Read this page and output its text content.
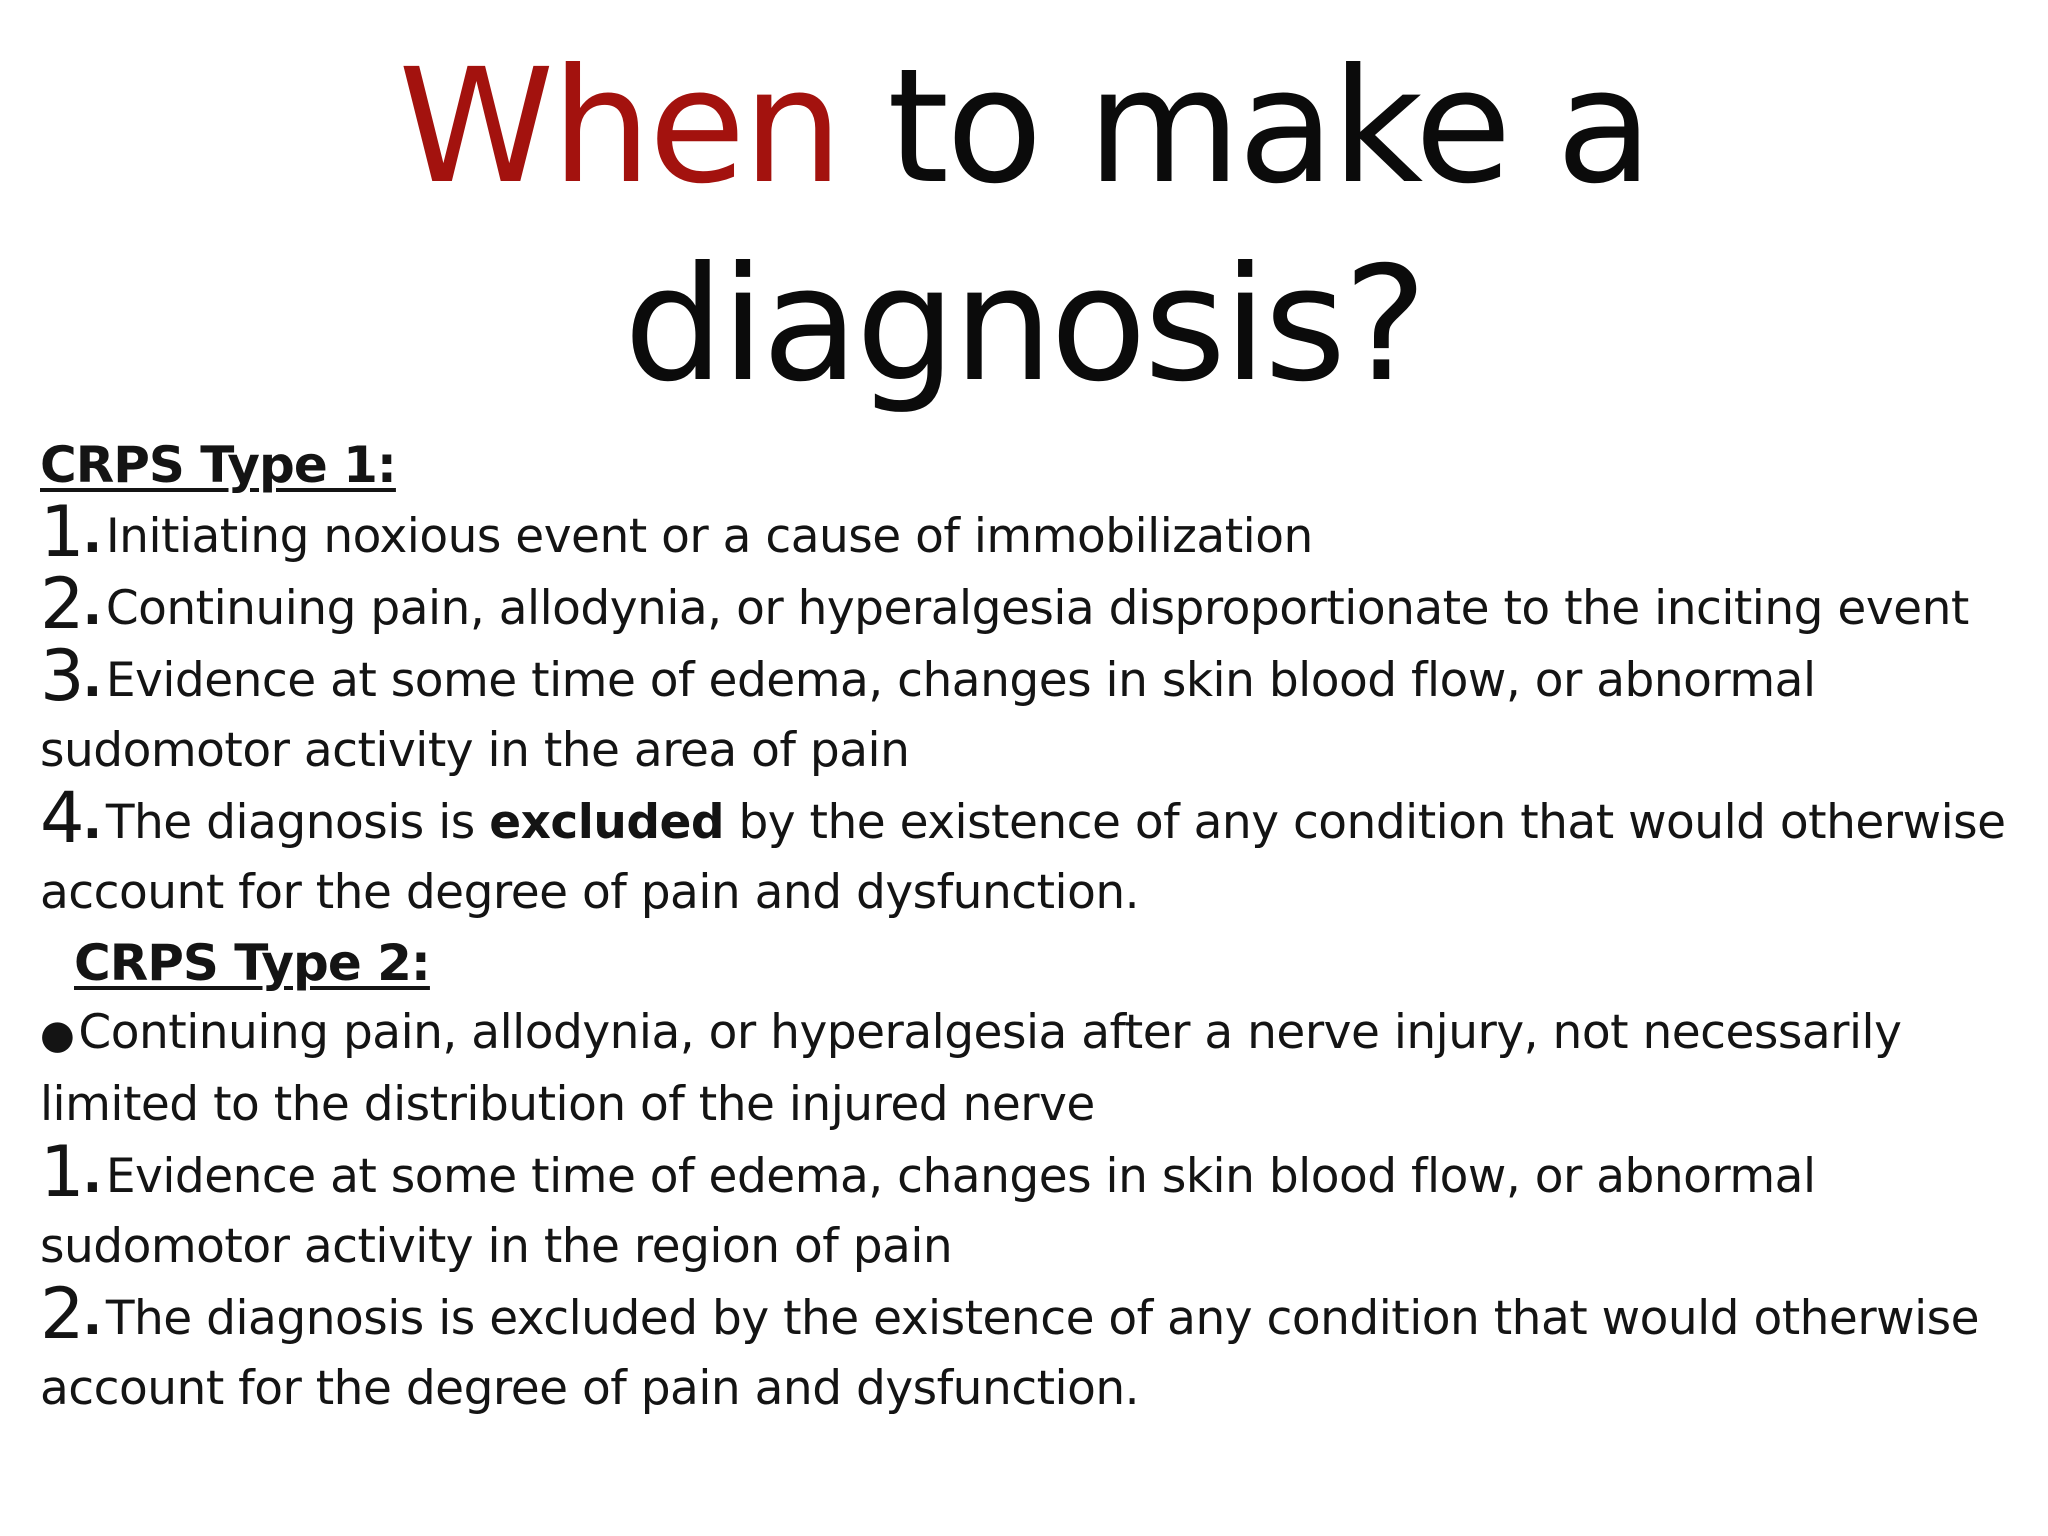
When to make a diagnosis?
CRPS Type 1:
1.Initiating noxious event or a cause of immobilization
2.Continuing pain, allodynia, or hyperalgesia disproportionate to the inciting event
3.Evidence at some time of edema, changes in skin blood flow, or abnormal sudomotor activity in the area of pain
4.The diagnosis is excluded by the existence of any condition that would otherwise account for the degree of pain and dysfunction.
CRPS Type 2:
●Continuing pain, allodynia, or hyperalgesia after a nerve injury, not necessarily limited to the distribution of the injured nerve
1.Evidence at some time of edema, changes in skin blood flow, or abnormal sudomotor activity in the region of pain
2.The diagnosis is excluded by the existence of any condition that would otherwise account for the degree of pain and dysfunction.
